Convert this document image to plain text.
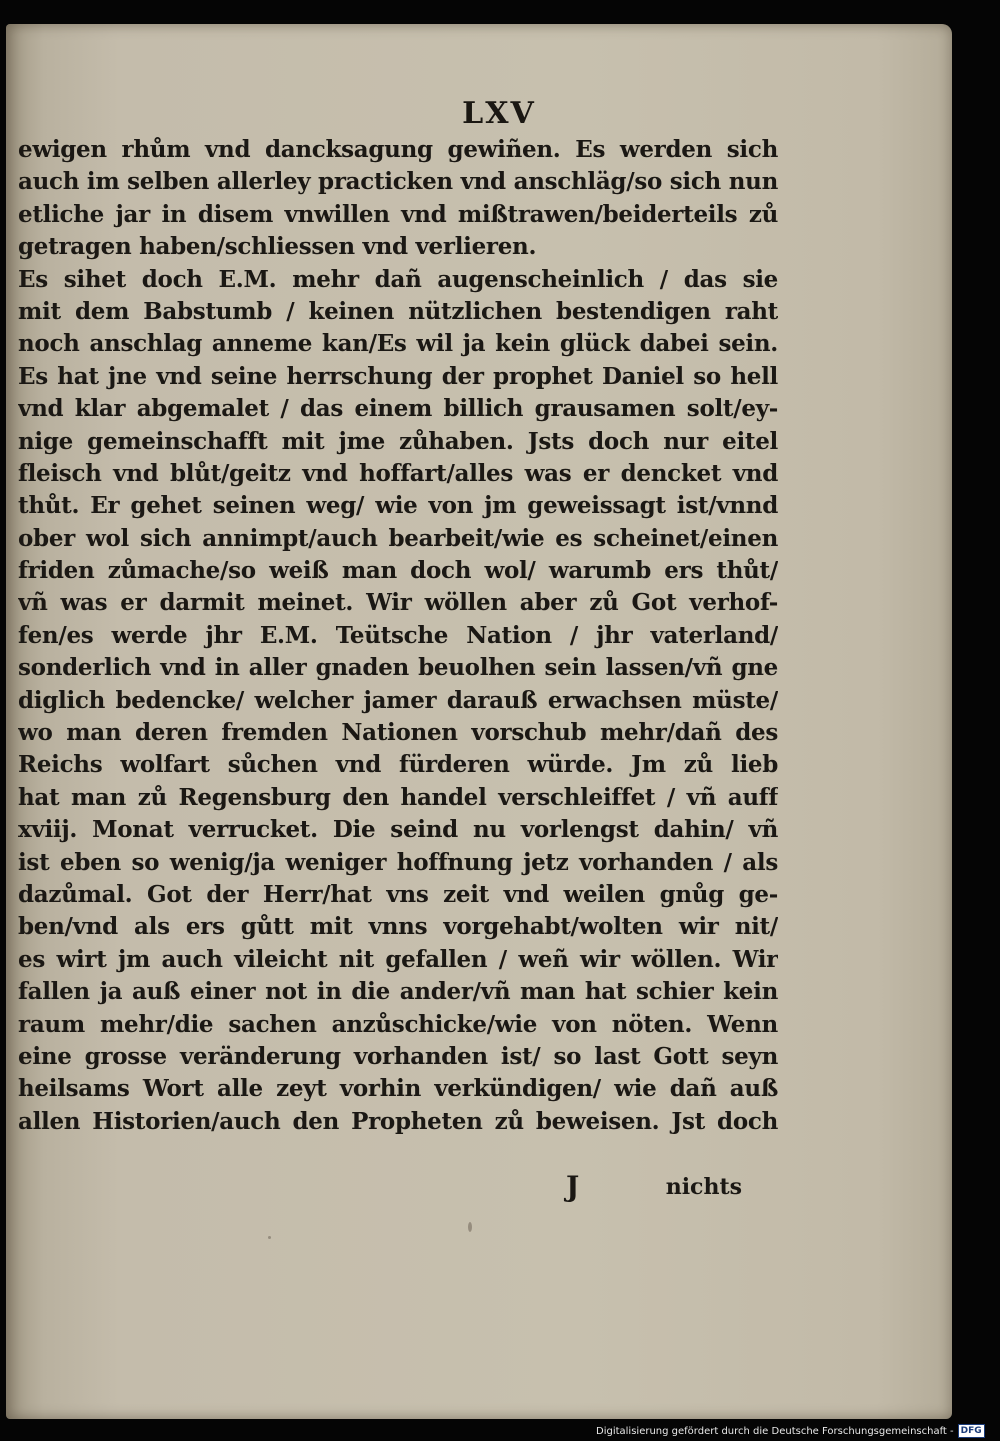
LXV
ewigen rhům vnd dancksagung gewiñen. Es werden sich
auch im selben allerley practicken vnd anschläg/so sich nun
etliche jar in disem vnwillen vnd mißtrawen/beiderteils zů
getragen haben/schliessen vnd verlieren.
Es sihet doch E.M. mehr dañ augenscheinlich / das sie
mit dem Babstumb / keinen nützlichen bestendigen raht
noch anschlag anneme kan/Es wil ja kein glück dabei sein.
Es hat jne vnd seine herrschung der prophet Daniel so hell
vnd klar abgemalet / das einem billich grausamen solt/ey-
nige gemeinschafft mit jme zůhaben. Jsts doch nur eitel
fleisch vnd blůt/geitz vnd hoffart/alles was er dencket vnd
thůt. Er gehet seinen weg/ wie von jm geweissagt ist/vnnd
ober wol sich annimpt/auch bearbeit/wie es scheinet/einen
friden zůmache/so weiß man doch wol/ warumb ers thůt/
vñ was er darmit meinet. Wir wöllen aber zů Got verhof-
fen/es werde jhr E.M. Teütsche Nation / jhr vaterland/
sonderlich vnd in aller gnaden beuolhen sein lassen/vñ gne
diglich bedencke/ welcher jamer darauß erwachsen müste/
wo man deren fremden Nationen vorschub mehr/dañ des
Reichs wolfart sůchen vnd fürderen würde. Jm zů lieb
hat man zů Regensburg den handel verschleiffet / vñ auff
xviij. Monat verrucket. Die seind nu vorlengst dahin/ vñ
ist eben so wenig/ja weniger hoffnung jetz vorhanden / als
dazůmal. Got der Herr/hat vns zeit vnd weilen gnůg ge-
ben/vnd als ers gůtt mit vnns vorgehabt/wolten wir nit/
es wirt jm auch vileicht nit gefallen / weñ wir wöllen. Wir
fallen ja auß einer not in die ander/vñ man hat schier kein
raum mehr/die sachen anzůschicke/wie von nöten. Wenn
eine grosse veränderung vorhanden ist/ so last Gott seyn
heilsams Wort alle zeyt vorhin verkündigen/ wie dañ auß
allen Historien/auch den Propheten zů beweisen. Jst doch
J	nichts
Digitalisierung gefördert durch die Deutsche Forschungsgemeinschaft - DFG
